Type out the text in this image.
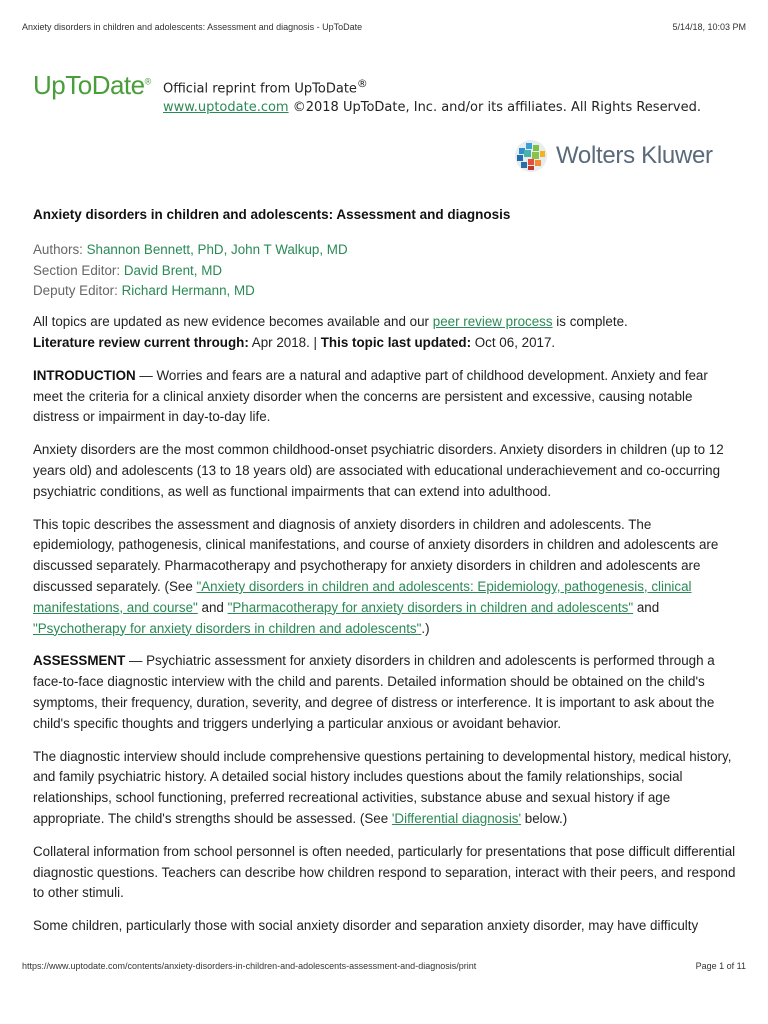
Anxiety disorders in children and adolescents: Assessment and diagnosis - UpToDate	5/14/18, 10:03 PM
UpToDate® Official reprint from UpToDate®
www.uptodate.com ©2018 UpToDate, Inc. and/or its affiliates. All Rights Reserved.
Wolters Kluwer
Anxiety disorders in children and adolescents: Assessment and diagnosis

Authors: Shannon Bennett, PhD, John T Walkup, MD

Section Editor: David Brent, MD

Deputy Editor: Richard Hermann, MD

All topics are updated as new evidence becomes available and our peer review process is complete.
Literature review current through: Apr 2018. | This topic last updated: Oct 06, 2017.

INTRODUCTION — Worries and fears are a natural and adaptive part of childhood development. Anxiety and fear meet the criteria for a clinical anxiety disorder when the concerns are persistent and excessive, causing notable distress or impairment in day-to-day life.

Anxiety disorders are the most common childhood-onset psychiatric disorders. Anxiety disorders in children (up to 12 years old) and adolescents (13 to 18 years old) are associated with educational underachievement and co-occurring psychiatric conditions, as well as functional impairments that can extend into adulthood.

This topic describes the assessment and diagnosis of anxiety disorders in children and adolescents. The epidemiology, pathogenesis, clinical manifestations, and course of anxiety disorders in children and adolescents are discussed separately. Pharmacotherapy and psychotherapy for anxiety disorders in children and adolescents are discussed separately. (See "Anxiety disorders in children and adolescents: Epidemiology, pathogenesis, clinical manifestations, and course" and "Pharmacotherapy for anxiety disorders in children and adolescents" and "Psychotherapy for anxiety disorders in children and adolescents".)

ASSESSMENT — Psychiatric assessment for anxiety disorders in children and adolescents is performed through a face-to-face diagnostic interview with the child and parents. Detailed information should be obtained on the child's symptoms, their frequency, duration, severity, and degree of distress or interference. It is important to ask about the child's specific thoughts and triggers underlying a particular anxious or avoidant behavior.

The diagnostic interview should include comprehensive questions pertaining to developmental history, medical history, and family psychiatric history. A detailed social history includes questions about the family relationships, social relationships, school functioning, preferred recreational activities, substance abuse and sexual history if age appropriate. The child's strengths should be assessed. (See 'Differential diagnosis' below.)

Collateral information from school personnel is often needed, particularly for presentations that pose difficult differential diagnostic questions. Teachers can describe how children respond to separation, interact with their peers, and respond to other stimuli.

Some children, particularly those with social anxiety disorder and separation anxiety disorder, may have difficulty

https://www.uptodate.com/contents/anxiety-disorders-in-children-and-adolescents-assessment-and-diagnosis/print	Page 1 of 11
